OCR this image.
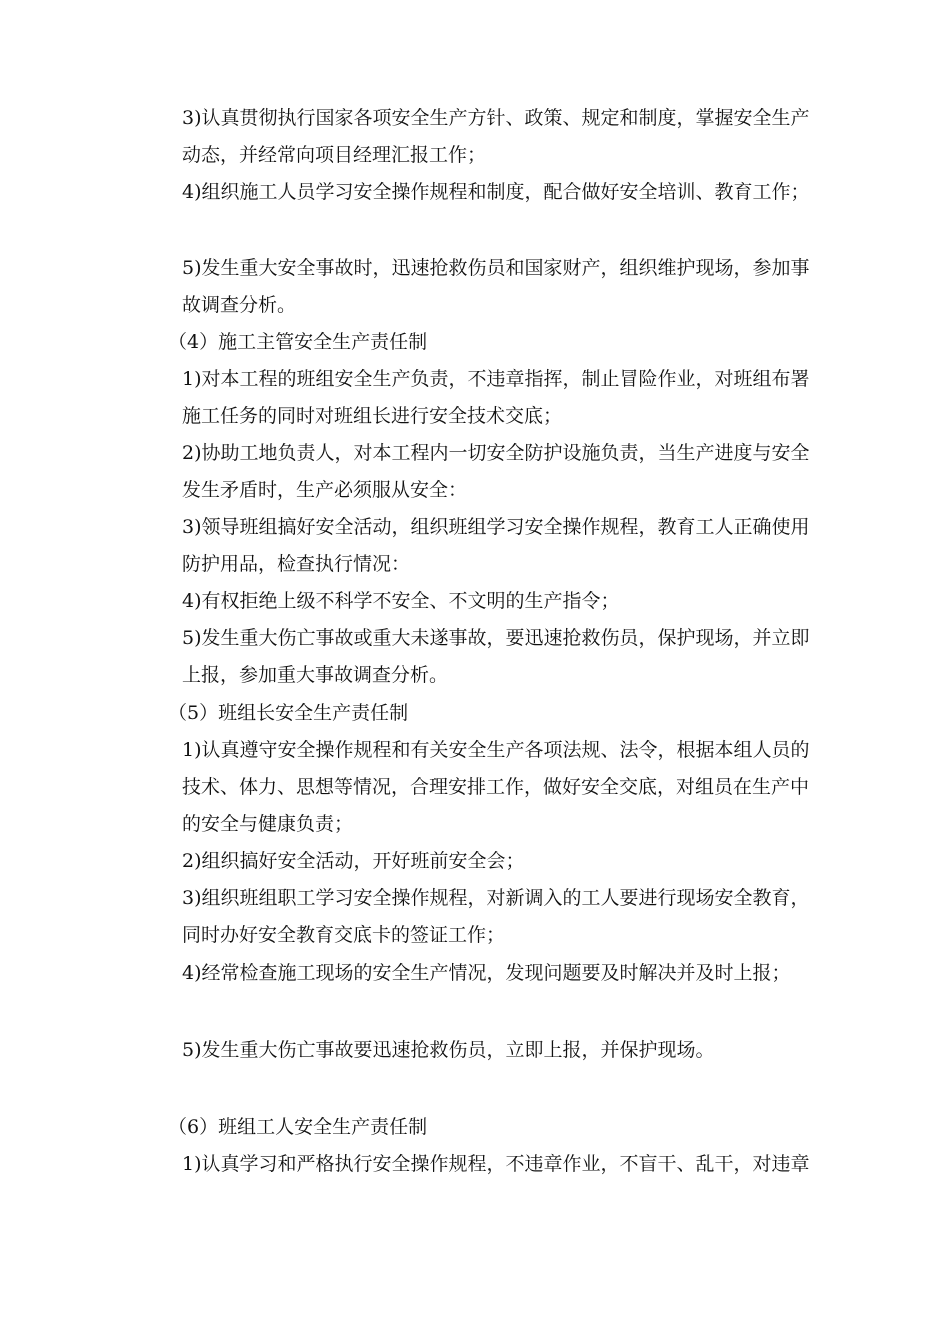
3)认真贯彻执行国家各项安全生产方针、政策、规定和制度，掌握安全生产动态，并经常向项目经理汇报工作；

4)组织施工人员学习安全操作规程和制度，配合做好安全培训、教育工作；

5)发生重大安全事故时，迅速抢救伤员和国家财产，组织维护现场，参加事故调查分析。

（4）施工主管安全生产责任制

1)对本工程的班组安全生产负责，不违章指挥，制止冒险作业，对班组布署施工任务的同时对班组长进行安全技术交底；

2)协助工地负责人，对本工程内一切安全防护设施负责，当生产进度与安全发生矛盾时，生产必须服从安全：

3)领导班组搞好安全活动，组织班组学习安全操作规程，教育工人正确使用防护用品，检查执行情况：

4)有权拒绝上级不科学不安全、不文明的生产指令；

5)发生重大伤亡事故或重大未遂事故，要迅速抢救伤员，保护现场，并立即上报，参加重大事故调查分析。

（5）班组长安全生产责任制

1)认真遵守安全操作规程和有关安全生产各项法规、法令，根据本组人员的技术、体力、思想等情况，合理安排工作，做好安全交底，对组员在生产中的安全与健康负责；

2)组织搞好安全活动，开好班前安全会；

3)组织班组职工学习安全操作规程，对新调入的工人要进行现场安全教育，同时办好安全教育交底卡的签证工作；

4)经常检查施工现场的安全生产情况，发现问题要及时解决并及时上报；

5)发生重大伤亡事故要迅速抢救伤员，立即上报，并保护现场。

（6）班组工人安全生产责任制

1)认真学习和严格执行安全操作规程，不违章作业，不盲干、乱干，对违章
